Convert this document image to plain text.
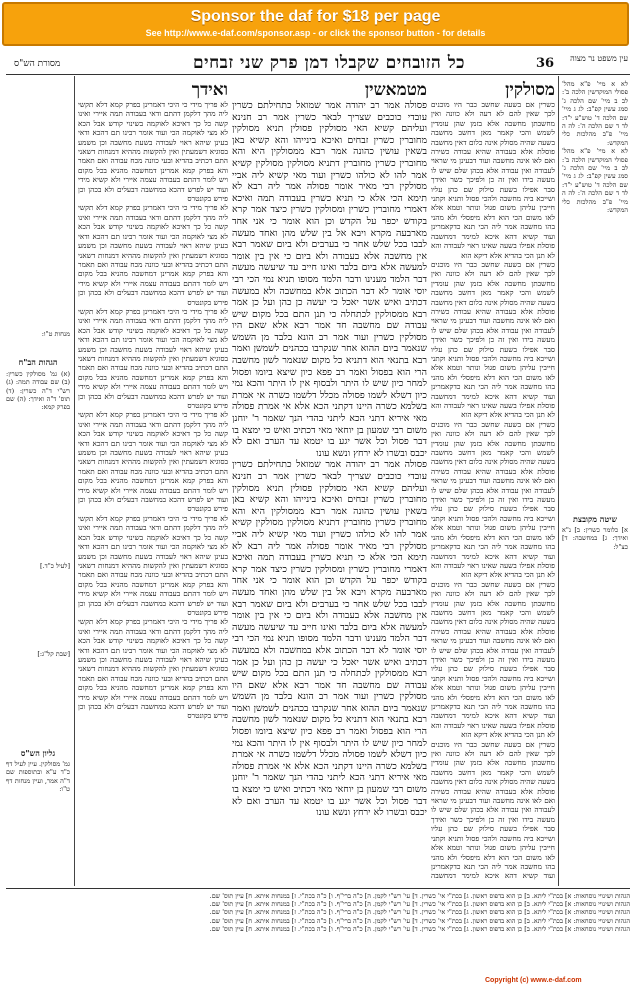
Sponsor the daf for $18 per page
See http://www.e-daf.com/sponsor.asp - or click the sponsor button - for details
מסורת הש"ס	כל הזובחים שקבלו דמן פרק שני זבחים	36	עין משפט נר מצוה

מנחות ט"ו:

הגהות הב"ח

(א) גמ' מסולקין כשרין: (ב) שם עבודה תמה: (ג) רש"י ד"ה כשרין: (ד) תוס' ד"ה ואידך: (ה) שם בפרק קמא:

[לעיל כ"ד.]

[שבת קל"ג:]

גליון הש"ס

גמ' מסולקין. עיין לעיל דף כ"ד ע"א ובתוספות שם ד"ה אמר, ועיין מנחות דף ט"ו:

ואידך

לא פריך מידי כי היכי דאמרינן בפרק קמא דלא תקשי ליה מהך דלקמן דהתם ודאי בעבודה תמה איירי ואינו קשה כל כך דאיכא לאוקמה בשינוי קודש אבל הכא לא מצי לאוקמה הכי ועוד אומר רבינו תם דהכא ודאי בעינן שיהא ראוי לעבודה בשעת מחשבה וכן משמע בסוגיא דשמעתין ואין להקשות מההיא דמנחות דשאני התם דכתיב בהדיא ובעי כוונה מכח עבודה ואם תאמר והא בפרק קמא אמרינן דמחשבה מהניא בכל מקום ויש לומר דהתם בעבודה עצמה איירי ולא קשיא מידי ועוד יש לפרש דהכא במחשבה דבעלים ולא בכהן וכן פירש בקונטרס

לא פריך מידי כי היכי דאמרינן בפרק קמא דלא תקשי ליה מהך דלקמן דהתם ודאי בעבודה תמה איירי ואינו קשה כל כך דאיכא לאוקמה בשינוי קודש אבל הכא לא מצי לאוקמה הכי ועוד אומר רבינו תם דהכא ודאי בעינן שיהא ראוי לעבודה בשעת מחשבה וכן משמע בסוגיא דשמעתין ואין להקשות מההיא דמנחות דשאני התם דכתיב בהדיא ובעי כוונה מכח עבודה ואם תאמר והא בפרק קמא אמרינן דמחשבה מהניא בכל מקום ויש לומר דהתם בעבודה עצמה איירי ולא קשיא מידי ועוד יש לפרש דהכא במחשבה דבעלים ולא בכהן וכן פירש בקונטרס

לא פריך מידי כי היכי דאמרינן בפרק קמא דלא תקשי ליה מהך דלקמן דהתם ודאי בעבודה תמה איירי ואינו קשה כל כך דאיכא לאוקמה בשינוי קודש אבל הכא לא מצי לאוקמה הכי ועוד אומר רבינו תם דהכא ודאי בעינן שיהא ראוי לעבודה בשעת מחשבה וכן משמע בסוגיא דשמעתין ואין להקשות מההיא דמנחות דשאני התם דכתיב בהדיא ובעי כוונה מכח עבודה ואם תאמר והא בפרק קמא אמרינן דמחשבה מהניא בכל מקום ויש לומר דהתם בעבודה עצמה איירי ולא קשיא מידי ועוד יש לפרש דהכא במחשבה דבעלים ולא בכהן וכן פירש בקונטרס

לא פריך מידי כי היכי דאמרינן בפרק קמא דלא תקשי ליה מהך דלקמן דהתם ודאי בעבודה תמה איירי ואינו קשה כל כך דאיכא לאוקמה בשינוי קודש אבל הכא לא מצי לאוקמה הכי ועוד אומר רבינו תם דהכא ודאי בעינן שיהא ראוי לעבודה בשעת מחשבה וכן משמע בסוגיא דשמעתין ואין להקשות מההיא דמנחות דשאני התם דכתיב בהדיא ובעי כוונה מכח עבודה ואם תאמר והא בפרק קמא אמרינן דמחשבה מהניא בכל מקום ויש לומר דהתם בעבודה עצמה איירי ולא קשיא מידי ועוד יש לפרש דהכא במחשבה דבעלים ולא בכהן וכן פירש בקונטרס

לא פריך מידי כי היכי דאמרינן בפרק קמא דלא תקשי ליה מהך דלקמן דהתם ודאי בעבודה תמה איירי ואינו קשה כל כך דאיכא לאוקמה בשינוי קודש אבל הכא לא מצי לאוקמה הכי ועוד אומר רבינו תם דהכא ודאי בעינן שיהא ראוי לעבודה בשעת מחשבה וכן משמע בסוגיא דשמעתין ואין להקשות מההיא דמנחות דשאני התם דכתיב בהדיא ובעי כוונה מכח עבודה ואם תאמר והא בפרק קמא אמרינן דמחשבה מהניא בכל מקום ויש לומר דהתם בעבודה עצמה איירי ולא קשיא מידי ועוד יש לפרש דהכא במחשבה דבעלים ולא בכהן וכן פירש בקונטרס

לא פריך מידי כי היכי דאמרינן בפרק קמא דלא תקשי ליה מהך דלקמן דהתם ודאי בעבודה תמה איירי ואינו קשה כל כך דאיכא לאוקמה בשינוי קודש אבל הכא לא מצי לאוקמה הכי ועוד אומר רבינו תם דהכא ודאי בעינן שיהא ראוי לעבודה בשעת מחשבה וכן משמע בסוגיא דשמעתין ואין להקשות מההיא דמנחות דשאני התם דכתיב בהדיא ובעי כוונה מכח עבודה ואם תאמר והא בפרק קמא אמרינן דמחשבה מהניא בכל מקום ויש לומר דהתם בעבודה עצמה איירי ולא קשיא מידי ועוד יש לפרש דהכא במחשבה דבעלים ולא בכהן וכן פירש בקונטרס

מטמאשין

פסולה אמר רב יהודה אמר שמואל כתחילתם כשרין עובדי כוכבים שצריך לבאר כשרין אמר רב חנינא ועליהם קשיא האי מסולקין פסולין תניא מסולקין מחוברין כשרין זבחים ואיכא בינייהו והא קשיא באן בשאין עושין כהונה אמר רבא ממסולקין היא והא מחוברין כשרין מחוברין דתניא מסולקין מסולקין קשיא אמר להו לא כולהו כשרין ועוד מאי קשיא ליה אביי מסולקין רבי מאיר אומר פסולה אמר ליה רבא לא תימא הכי אלא כי תניא כשרין בעבודה תמה ואיכא דאמרי מחוברין כשרין ומסולקין כשרין כיצד אמר קרא בקודש יכפר על הקדש וכן הוא אומר כי אני אחד מארבעה מקרא ויבא אל בין שלש מהן ואחד מעשה לבבו בכל שלש אחר כי בערבים ולא ביום שאמר רבא אין מחשבה אלא בעבודה ולא ביום כי אין בין אומר למעשה אלא ביום בלבד ואינו חייב עד שיעשה מעשה דבר הלמד מענינו ודבר הלמד מסופו תניא נמי הכי רבי יוסי אומר לא דבר הכתוב אלא במחשבה ולא במעשה דכתיב ואיש אשר יאכל כי יעשה כן כהן ועל כן אמר רבא ממסולקין לכתחלה כי תנן התם בכל מקום שיש עבודה שם מחשבה חד אמר רבא אלא שאם היו מסולקין כשרין ועוד אמר רב הונא בלבד מן השמש שנאמר ביום ההוא אחר שנקרבו בכהנים לשמשן ואמר רבא בתנאי הוא דתניא כל מקום שנאמר לשון מחשבה הרי הוא בפסול ואמר רב פפא כיון שיצא ביומו ופסול למחר כיון שיש לו היתר ולבסוף אין לו היתר והכא נמי כיון דשלא לשמו פסולה מכלל דלשמו כשרה אי אמרת בשלמא כשרה היינו דקתני הכא אלא אי אמרת פסולה מאי איריא דתני הכא ליתני בהדי הנך שאמר ר' יוחנן משום רבי שמעון בן יוחאי מאי דכתיב ואיש כי ימצא בו דבר פסול וכל אשר יגע בו יטמא עד הערב ואם לא יכבס ובשרו לא ירחץ ונשא עונו

פסולה אמר רב יהודה אמר שמואל כתחילתם כשרין עובדי כוכבים שצריך לבאר כשרין אמר רב חנינא ועליהם קשיא האי מסולקין פסולין תניא מסולקין מחוברין כשרין זבחים ואיכא בינייהו והא קשיא באן בשאין עושין כהונה אמר רבא ממסולקין היא והא מחוברין כשרין מחוברין דתניא מסולקין מסולקין קשיא אמר להו לא כולהו כשרין ועוד מאי קשיא ליה אביי מסולקין רבי מאיר אומר פסולה אמר ליה רבא לא תימא הכי אלא כי תניא כשרין בעבודה תמה ואיכא דאמרי מחוברין כשרין ומסולקין כשרין כיצד אמר קרא בקודש יכפר על הקדש וכן הוא אומר כי אני אחד מארבעה מקרא ויבא אל בין שלש מהן ואחד מעשה לבבו בכל שלש אחר כי בערבים ולא ביום שאמר רבא אין מחשבה אלא בעבודה ולא ביום כי אין בין אומר למעשה אלא ביום בלבד ואינו חייב עד שיעשה מעשה דבר הלמד מענינו ודבר הלמד מסופו תניא נמי הכי רבי יוסי אומר לא דבר הכתוב אלא במחשבה ולא במעשה דכתיב ואיש אשר יאכל כי יעשה כן כהן ועל כן אמר רבא ממסולקין לכתחלה כי תנן התם בכל מקום שיש עבודה שם מחשבה חד אמר רבא אלא שאם היו מסולקין כשרין ועוד אמר רב הונא בלבד מן השמש שנאמר ביום ההוא אחר שנקרבו בכהנים לשמשן ואמר רבא בתנאי הוא דתניא כל מקום שנאמר לשון מחשבה הרי הוא בפסול ואמר רב פפא כיון שיצא ביומו ופסול למחר כיון שיש לו היתר ולבסוף אין לו היתר והכא נמי כיון דשלא לשמו פסולה מכלל דלשמו כשרה אי אמרת בשלמא כשרה היינו דקתני הכא אלא אי אמרת פסולה מאי איריא דתני הכא ליתני בהדי הנך שאמר ר' יוחנן משום רבי שמעון בן יוחאי מאי דכתיב ואיש כי ימצא בו דבר פסול וכל אשר יגע בו יטמא עד הערב ואם לא יכבס ובשרו לא ירחץ ונשא עונו

מסולקין

כשרין אם בשעה שחשב כבר היו מוכנים לכך שאין להם לא דעה ולא כוונה ואין מחשבתן מחשבה אלא בזמן שהן עומדין לשמש והכי קאמר מאן דחשב מחשבה בשעה שהיה מסולק אינה כלום דאין מחשבה פוסלת אלא בעבודה שהיא עבודה כשירה ואם לאו אינה מחשבה ועוד דבעינן מי שראוי לעבודה ואין עבודה אלא בכהן שלם שיש לו מעשה בידו ואין זה כן ולפיכך כשר ואידך סבר אפילו בשעת סילוק שם כהן עליו ושייכא ביה מחשבה ולהכי פסול ותניא וקתני חייבין עליהן משום פגול ונותר וטמא אלא לאו משום הכי הוא דלא מיפסלי ולא מהני בהו מחשבה אמר ליה הכי תנא כדקאמרינן ועוד קשיא דהא איכא למימר דמחשבה פוסלת אפילו בשעה שאינו ראוי לעבודה והא לא תנן הכי בהדיא אלא דיקא הוא

כשרין אם בשעה שחשב כבר היו מוכנים לכך שאין להם לא דעה ולא כוונה ואין מחשבתן מחשבה אלא בזמן שהן עומדין לשמש והכי קאמר מאן דחשב מחשבה בשעה שהיה מסולק אינה כלום דאין מחשבה פוסלת אלא בעבודה שהיא עבודה כשירה ואם לאו אינה מחשבה ועוד דבעינן מי שראוי לעבודה ואין עבודה אלא בכהן שלם שיש לו מעשה בידו ואין זה כן ולפיכך כשר ואידך סבר אפילו בשעת סילוק שם כהן עליו ושייכא ביה מחשבה ולהכי פסול ותניא וקתני חייבין עליהן משום פגול ונותר וטמא אלא לאו משום הכי הוא דלא מיפסלי ולא מהני בהו מחשבה אמר ליה הכי תנא כדקאמרינן ועוד קשיא דהא איכא למימר דמחשבה פוסלת אפילו בשעה שאינו ראוי לעבודה והא לא תנן הכי בהדיא אלא דיקא הוא

כשרין אם בשעה שחשב כבר היו מוכנים לכך שאין להם לא דעה ולא כוונה ואין מחשבתן מחשבה אלא בזמן שהן עומדין לשמש והכי קאמר מאן דחשב מחשבה בשעה שהיה מסולק אינה כלום דאין מחשבה פוסלת אלא בעבודה שהיא עבודה כשירה ואם לאו אינה מחשבה ועוד דבעינן מי שראוי לעבודה ואין עבודה אלא בכהן שלם שיש לו מעשה בידו ואין זה כן ולפיכך כשר ואידך סבר אפילו בשעת סילוק שם כהן עליו ושייכא ביה מחשבה ולהכי פסול ותניא וקתני חייבין עליהן משום פגול ונותר וטמא אלא לאו משום הכי הוא דלא מיפסלי ולא מהני בהו מחשבה אמר ליה הכי תנא כדקאמרינן ועוד קשיא דהא איכא למימר דמחשבה פוסלת אפילו בשעה שאינו ראוי לעבודה והא לא תנן הכי בהדיא אלא דיקא הוא

כשרין אם בשעה שחשב כבר היו מוכנים לכך שאין להם לא דעה ולא כוונה ואין מחשבתן מחשבה אלא בזמן שהן עומדין לשמש והכי קאמר מאן דחשב מחשבה בשעה שהיה מסולק אינה כלום דאין מחשבה פוסלת אלא בעבודה שהיא עבודה כשירה ואם לאו אינה מחשבה ועוד דבעינן מי שראוי לעבודה ואין עבודה אלא בכהן שלם שיש לו מעשה בידו ואין זה כן ולפיכך כשר ואידך סבר אפילו בשעת סילוק שם כהן עליו ושייכא ביה מחשבה ולהכי פסול ותניא וקתני חייבין עליהן משום פגול ונותר וטמא אלא לאו משום הכי הוא דלא מיפסלי ולא מהני בהו מחשבה אמר ליה הכי תנא כדקאמרינן ועוד קשיא דהא איכא למימר דמחשבה פוסלת אפילו בשעה שאינו ראוי לעבודה והא לא תנן הכי בהדיא אלא דיקא הוא

כשרין אם בשעה שחשב כבר היו מוכנים לכך שאין להם לא דעה ולא כוונה ואין מחשבתן מחשבה אלא בזמן שהן עומדין לשמש והכי קאמר מאן דחשב מחשבה בשעה שהיה מסולק אינה כלום דאין מחשבה פוסלת אלא בעבודה שהיא עבודה כשירה ואם לאו אינה מחשבה ועוד דבעינן מי שראוי לעבודה ואין עבודה אלא בכהן שלם שיש לו מעשה בידו ואין זה כן ולפיכך כשר ואידך סבר אפילו בשעת סילוק שם כהן עליו ושייכא ביה מחשבה ולהכי פסול ותניא וקתני חייבין עליהן משום פגול ונותר וטמא אלא לאו משום הכי הוא דלא מיפסלי ולא מהני בהו מחשבה אמר ליה הכי תנא כדקאמרינן ועוד קשיא דהא איכא למימר דמחשבה

לא א מיי' פ"א מהל' פסולי המוקדשין הלכה ב': לב ב מיי' שם הלכה ג' סמג עשין קפ"ב: לג ג מיי' שם הלכה ד' טוש"ע י"ד: לד ד שם הלכה ה': לה ה מיי' פ"ב מהלכות כלי המקדש:

לא א מיי' פ"א מהל' פסולי המוקדשין הלכה ב': לב ב מיי' שם הלכה ג' סמג עשין קפ"ב: לג ג מיי' שם הלכה ד' טוש"ע י"ד: לד ד שם הלכה ה': לה ה מיי' פ"ב מהלכות כלי המקדש:

שיטה מקובצת

א] כלומר כשרין: ב] נ"א ואידך: ג] במחשבה: ד] כצ"ל:

הגהות ושינויי נוסחאות: א] בכת"י ליתא. ב] כן הוא בדפוס ראשון. ג] בכת"י אי' כשרין. ד] עי' רש"י לקמן. ה] כ"ה ברי"ף. ו] כ"ה בכת"י. ז] במנחות איתא. ח] עיין תוס' שם.

הגהות ושינויי נוסחאות: א] בכת"י ליתא. ב] כן הוא בדפוס ראשון. ג] בכת"י אי' כשרין. ד] עי' רש"י לקמן. ה] כ"ה ברי"ף. ו] כ"ה בכת"י. ז] במנחות איתא. ח] עיין תוס' שם.

הגהות ושינויי נוסחאות: א] בכת"י ליתא. ב] כן הוא בדפוס ראשון. ג] בכת"י אי' כשרין. ד] עי' רש"י לקמן. ה] כ"ה ברי"ף. ו] כ"ה בכת"י. ז] במנחות איתא. ח] עיין תוס' שם.

הגהות ושינויי נוסחאות: א] בכת"י ליתא. ב] כן הוא בדפוס ראשון. ג] בכת"י אי' כשרין. ד] עי' רש"י לקמן. ה] כ"ה ברי"ף. ו] כ"ה בכת"י. ז] במנחות איתא. ח] עיין תוס' שם.

הגהות ושינויי נוסחאות: א] בכת"י ליתא. ב] כן הוא בדפוס ראשון. ג] בכת"י אי' כשרין. ד] עי' רש"י לקמן. ה] כ"ה ברי"ף. ו] כ"ה בכת"י. ז] במנחות איתא. ח] עיין תוס' שם.

Copyright (c) www.e-daf.com
